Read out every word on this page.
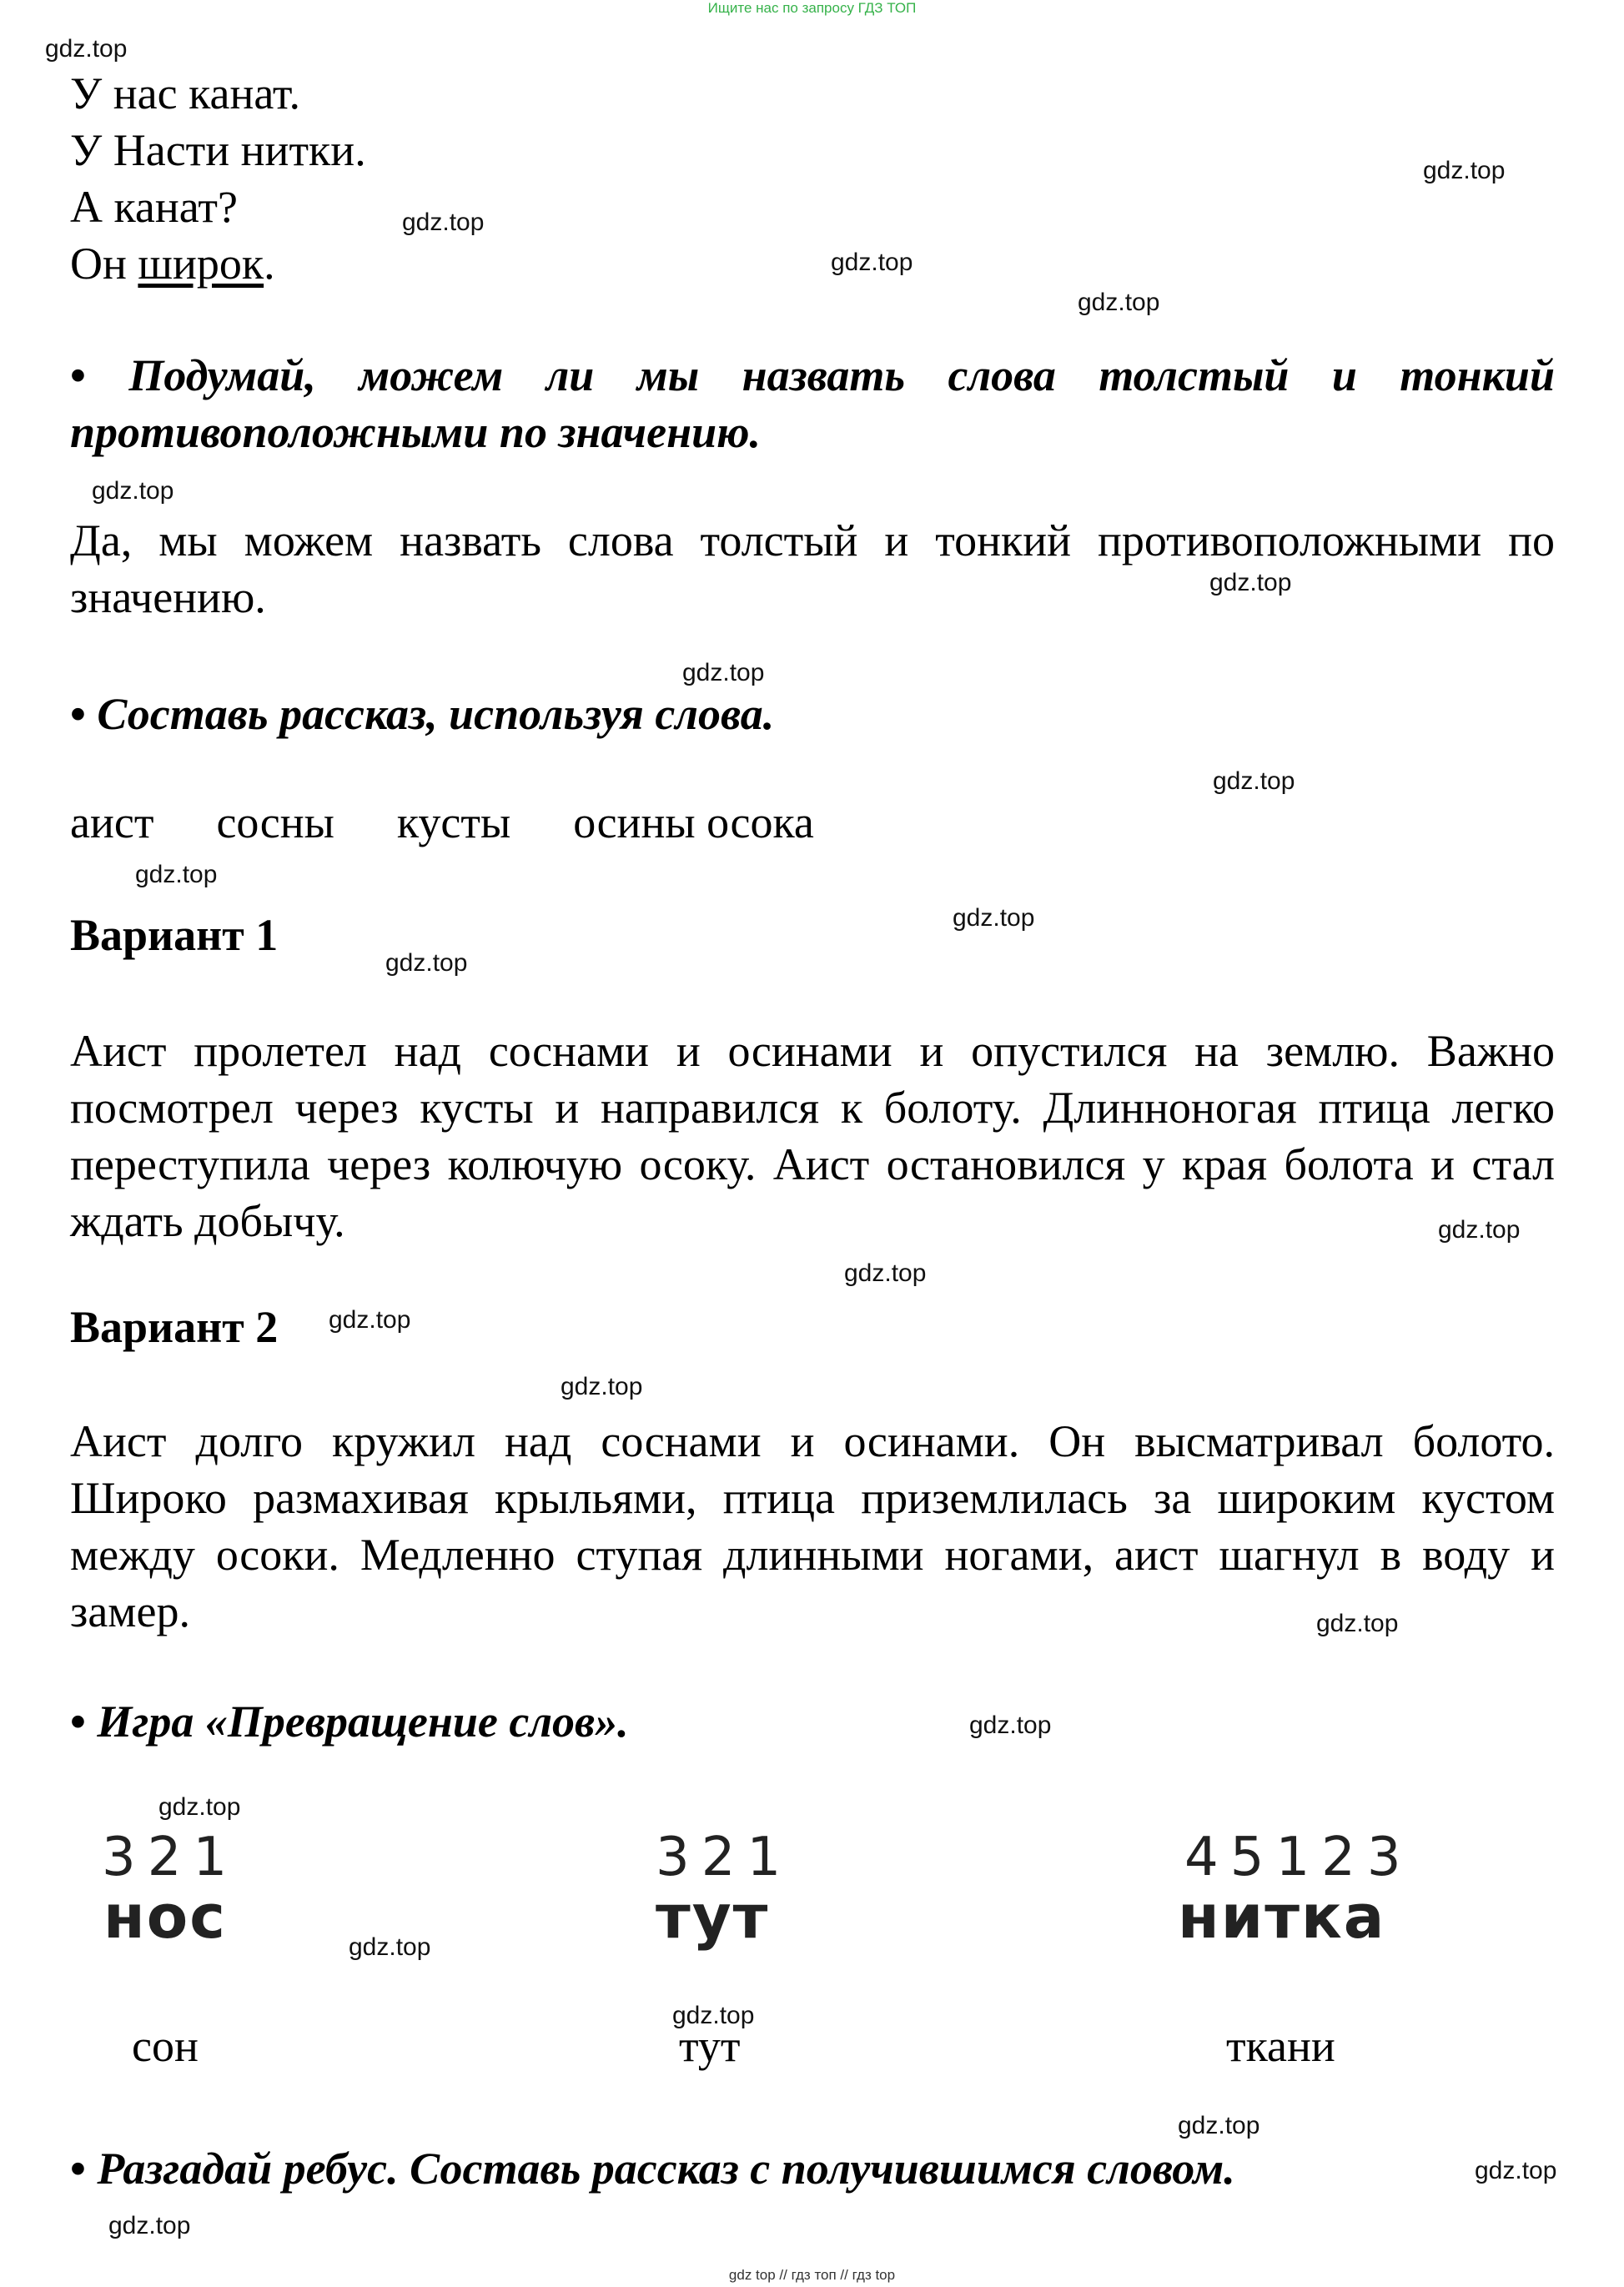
Ищите нас по запросу ГДЗ ТОП
У нас канат.
У Насти нитки.
А канат?
Он широк.
• Подумай, можем ли мы назвать слова толстый и тонкий противоположными по значению.
Да, мы можем назвать слова толстый и тонкий противоположными по значению.
• Составь рассказ, используя слова.
аист сосны кусты осины осока
Вариант 1
Аист пролетел над соснами и осинами и опустился на землю. Важно посмотрел через кусты и направился к болоту. Длинноногая птица легко переступила через колючую осоку. Аист остановился у края болота и стал ждать добычу.
Вариант 2
Аист долго кружил над соснами и осинами. Он высматривал болото. Широко размахивая крыльями, птица приземлилась за широким кустом между осоки. Медленно ступая длинными ногами, аист шагнул в воду и замер.
• Игра «Превращение слов».
321
нос
сон
321
тут
тут
45123
нитка
ткани
• Разгадай ребус. Составь рассказ с получившимся словом.
gdz.top
gdz.top
gdz.top
gdz.top
gdz.top
gdz.top
gdz.top
gdz.top
gdz.top
gdz.top
gdz.top
gdz.top
gdz.top
gdz.top
gdz.top
gdz.top
gdz.top
gdz.top
gdz.top
gdz.top
gdz.top
gdz.top
gdz.top
gdz.top
gdz top // гдз топ // гдз top
